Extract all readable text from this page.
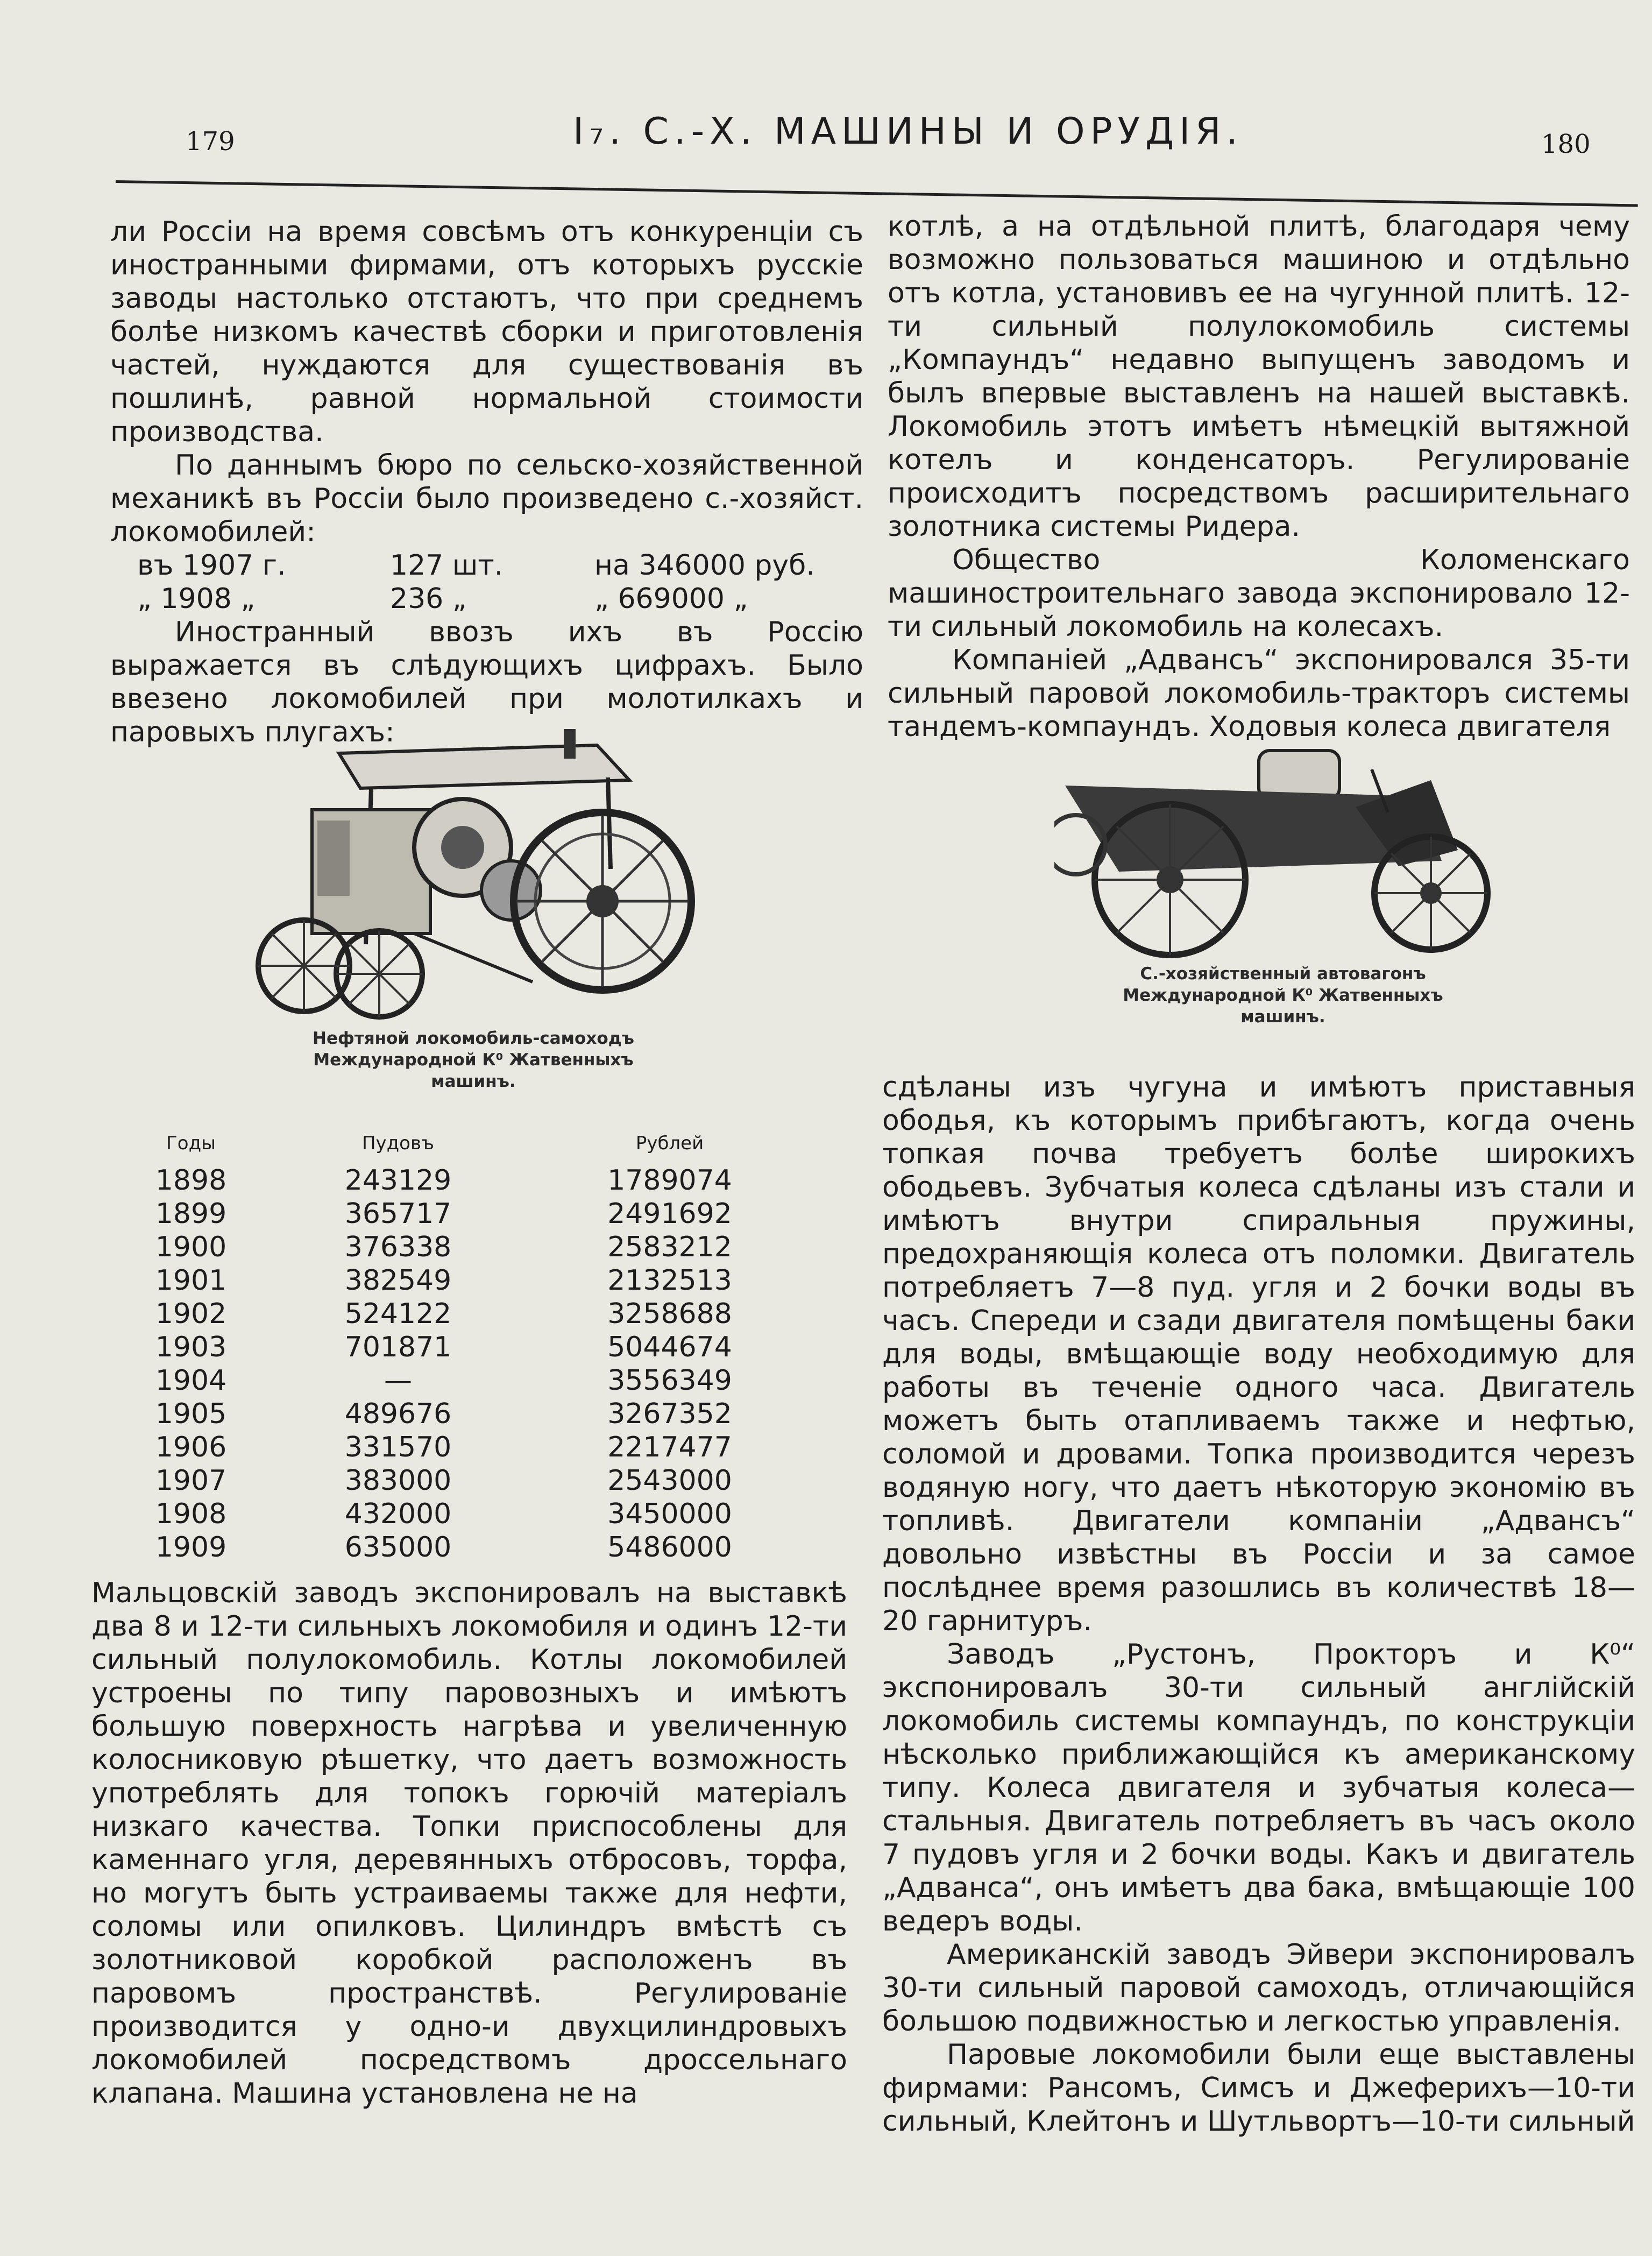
179	I₇. С.-Х. МАШИНЫ И ОРУДІЯ.	180

ли Россіи на время совсѣмъ отъ конкуренціи съ иностранными фирмами, отъ которыхъ русскіе заводы настолько отстаютъ, что при среднемъ болѣе низкомъ качествѣ сборки и приготовленія частей, нуждаются для существованія въ пошлинѣ, равной нормальной стоимости производства.

По даннымъ бюро по сельско-хозяйственной механикѣ въ Россіи было произведено с.-хозяйст. локомобилей:

въ 1907 г.	127 шт.	на 346000 руб.
„ 1908 „	236 „	„ 669000 „

Иностранный ввозъ ихъ въ Россію выражается въ слѣдующихъ цифрахъ. Было ввезено локомобилей при молотилкахъ и паровыхъ плугахъ:

Нефтяной локомобиль-самоходъ
Международной К⁰ Жатвенныхъ
машинъ.
Годы	Пудовъ	Рублей
1898	243129	1789074
1899	365717	2491692
1900	376338	2583212
1901	382549	2132513
1902	524122	3258688
1903	701871	5044674
1904	—	3556349
1905	489676	3267352
1906	331570	2217477
1907	383000	2543000
1908	432000	3450000
1909	635000	5486000

Мальцовскій заводъ экспонировалъ на выставкѣ два 8 и 12-ти сильныхъ локомобиля и одинъ 12-ти сильный полулокомобиль. Котлы локомобилей устроены по типу паровозныхъ и имѣютъ большую поверхность нагрѣва и увеличенную колосниковую рѣшетку, что даетъ возможность употреблять для топокъ горючій матеріалъ низкаго качества. Топки приспособлены для каменнаго угля, деревянныхъ отбросовъ, торфа, но могутъ быть устраиваемы также для нефти, соломы или опилковъ. Цилиндръ вмѣстѣ съ золотниковой коробкой расположенъ въ паровомъ пространствѣ. Регулированіе производится у одно-и двухцилиндровыхъ локомобилей посредствомъ дроссельнаго клапана. Машина установлена не на

котлѣ, а на отдѣльной плитѣ, благодаря чему возможно пользоваться машиною и отдѣльно отъ котла, установивъ ее на чугунной плитѣ. 12-ти сильный полулокомобиль системы „Компаундъ“ недавно выпущенъ заводомъ и былъ впервые выставленъ на нашей выставкѣ. Локомобиль этотъ имѣетъ нѣмецкій вытяжной котелъ и конденсаторъ. Регулированіе происходитъ посредствомъ расширительнаго золотника системы Ридера.

Общество Коломенскаго машиностроительнаго завода экспонировало 12-ти сильный локомобиль на колесахъ.

Компаніей „Адвансъ“ экспонировался 35-ти сильный паровой локомобиль-тракторъ системы тандемъ-компаундъ. Ходовыя колеса двигателя

С.-хозяйственный автовагонъ
Международной К⁰ Жатвенныхъ
машинъ.

сдѣланы изъ чугуна и имѣютъ приставныя ободья, къ которымъ прибѣгаютъ, когда очень топкая почва требуетъ болѣе широкихъ ободьевъ. Зубчатыя колеса сдѣланы изъ стали и имѣютъ внутри спиральныя пружины, предохраняющія колеса отъ поломки. Двигатель потребляетъ 7—8 пуд. угля и 2 бочки воды въ часъ. Спереди и сзади двигателя помѣщены баки для воды, вмѣщающіе воду необходимую для работы въ теченіе одного часа. Двигатель можетъ быть отапливаемъ также и нефтью, соломой и дровами. Топка производится черезъ водяную ногу, что даетъ нѣкоторую экономію въ топливѣ. Двигатели компаніи „Адвансъ“ довольно извѣстны въ Россіи и за самое послѣднее время разошлись въ количествѣ 18—20 гарнитуръ.

Заводъ „Рустонъ, Прокторъ и К⁰“ экспонировалъ 30-ти сильный англійскій локомобиль системы компаундъ, по конструкціи нѣсколько приближающійся къ американскому типу. Колеса двигателя и зубчатыя колеса—стальныя. Двигатель потребляетъ въ часъ около 7 пудовъ угля и 2 бочки воды. Какъ и двигатель „Адванса“, онъ имѣетъ два бака, вмѣщающіе 100 ведеръ воды.

Американскій заводъ Эйвери экспонировалъ 30-ти сильный паровой самоходъ, отличающійся большою подвижностью и легкостью управленія.

Паровые локомобили были еще выставлены фирмами: Рансомъ, Симсъ и Джеферихъ—10-ти сильный, Клейтонъ и Шутльвортъ—10-ти сильный
